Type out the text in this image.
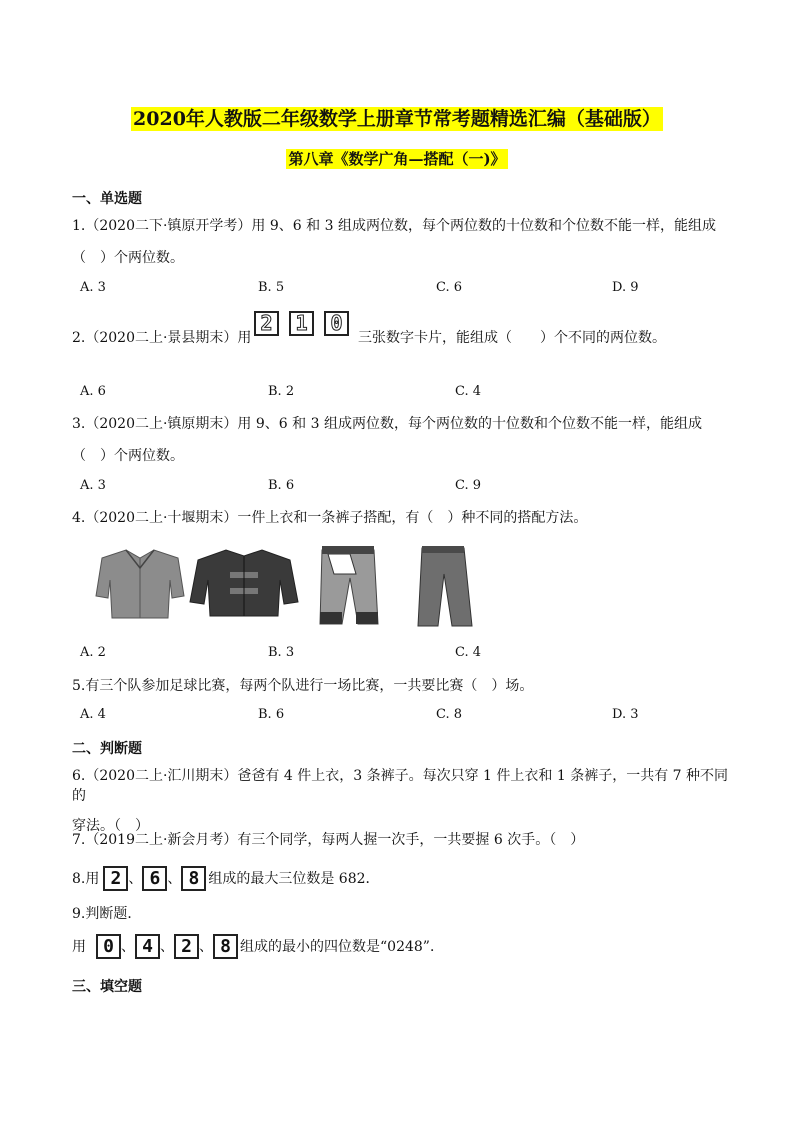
2020年人教版二年级数学上册章节常考题精选汇编（基础版）
第八章《数学广角—搭配（一)》
一、单选题
1.（2020二下·镇原开学考）用 9、6 和 3 组成两位数，每个两位数的十位数和个位数不能一样，能组成
（　）个两位数。
A. 3	B. 5	C. 6	D. 9
2.（2020二上·景县期末）用
2 1 0
三张数字卡片，能组成（　　）个不同的两位数。
A. 6	B. 2	C. 4
3.（2020二上·镇原期末）用 9、6 和 3 组成两位数，每个两位数的十位数和个位数不能一样，能组成
（　）个两位数。
A. 3	B. 6	C. 9
4.（2020二上·十堰期末）一件上衣和一条裤子搭配，有（　）种不同的搭配方法。
A. 2	B. 3	C. 4
5.有三个队参加足球比赛，每两个队进行一场比赛，一共要比赛（　）场。
A. 4	B. 6	C. 8	D. 3
二、判断题
6.（2020二上·汇川期末）爸爸有 4 件上衣，3 条裤子。每次只穿 1 件上衣和 1 条裤子，一共有 7 种不同的
穿法。（　）
7.（2019二上·新会月考）有三个同学，每两人握一次手，一共要握 6 次手。（　）
8.用 2 、 6 、 8 组成的最大三位数是 682．
9.判断题．
用 0 、 4 、 2 、 8 组成的最小的四位数是“0248”．
三、填空题
